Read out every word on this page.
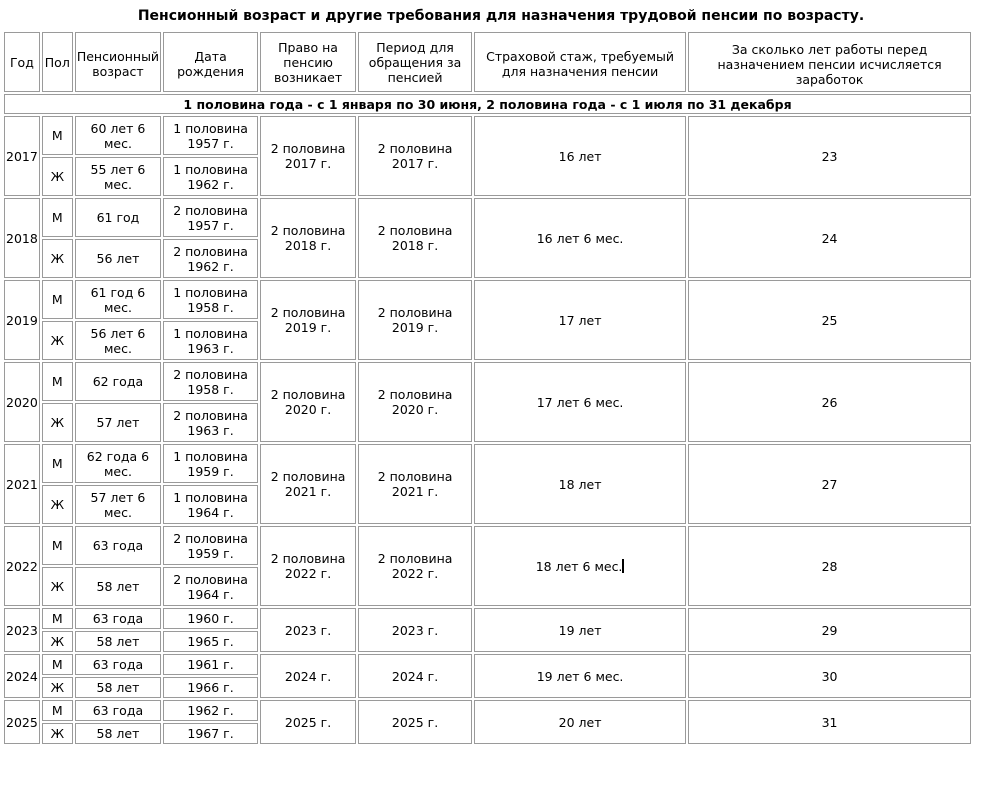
Пенсионный возраст и другие требования для назначения трудовой пенсии по возрасту.
Год	Пол	Пенсионный возраст	Дата рождения	Право на пенсию возникает	Период для обращения за пенсией	Страховой стаж, требуемый для назначения пенсии	За сколько лет работы перед назначением пенсии исчисляется заработок
1 половина года - с 1 января по 30 июня, 2 половина года - с 1 июля по 31 декабря							
2017	М	60 лет 6 мес.	1 половина 1957 г.	2 половина 2017 г.	2 половина 2017 г.	16 лет	23
	Ж	55 лет 6 мес.	1 половина 1962 г.				
2018	М	61 год	2 половина 1957 г.	2 половина 2018 г.	2 половина 2018 г.	16 лет 6 мес.	24
	Ж	56 лет	2 половина 1962 г.				
2019	М	61 год 6 мес.	1 половина 1958 г.	2 половина 2019 г.	2 половина 2019 г.	17 лет	25
	Ж	56 лет 6 мес.	1 половина 1963 г.				
2020	М	62 года	2 половина 1958 г.	2 половина 2020 г.	2 половина 2020 г.	17 лет 6 мес.	26
	Ж	57 лет	2 половина 1963 г.				
2021	М	62 года 6 мес.	1 половина 1959 г.	2 половина 2021 г.	2 половина 2021 г.	18 лет	27
	Ж	57 лет 6 мес.	1 половина 1964 г.				
2022	М	63 года	2 половина 1959 г.	2 половина 2022 г.	2 половина 2022 г.	18 лет 6 мес.	28
	Ж	58 лет	2 половина 1964 г.				
2023	М	63 года	1960 г.	2023 г.	2023 г.	19 лет	29
	Ж	58 лет	1965 г.				
2024	М	63 года	1961 г.	2024 г.	2024 г.	19 лет 6 мес.	30
	Ж	58 лет	1966 г.				
2025	М	63 года	1962 г.	2025 г.	2025 г.	20 лет	31
	Ж	58 лет	1967 г.				
